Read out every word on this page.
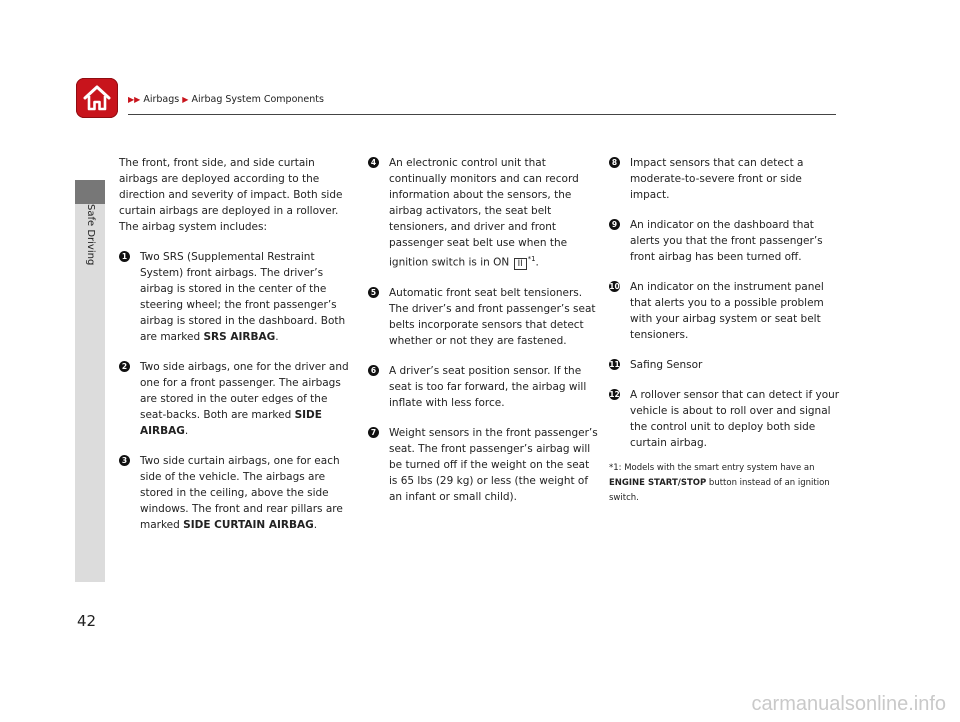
▶▶ Airbags ▶ Airbag System Components
Safe Driving
42

The front, front side, and side curtain airbags are deployed according to the direction and severity of impact. Both side curtain airbags are deployed in a rollover. The airbag system includes:

1 Two SRS (Supplemental Restraint System) front airbags. The driver’s airbag is stored in the center of the steering wheel; the front passenger’s airbag is stored in the dashboard. Both are marked SRS AIRBAG.
2 Two side airbags, one for the driver and one for a front passenger. The airbags are stored in the outer edges of the seat-backs. Both are marked SIDE AIRBAG.
3 Two side curtain airbags, one for each side of the vehicle. The airbags are stored in the ceiling, above the side windows. The front and rear pillars are marked SIDE CURTAIN AIRBAG.
4 An electronic control unit that continually monitors and can record information about the sensors, the airbag activators, the seat belt tensioners, and driver and front passenger seat belt use when the ignition switch is in ON II $^{*1}$.
5 Automatic front seat belt tensioners. The driver’s and front passenger’s seat belts incorporate sensors that detect whether or not they are fastened.
6 A driver’s seat position sensor. If the seat is too far forward, the airbag will inflate with less force.
7 Weight sensors in the front passenger’s seat. The front passenger’s airbag will be turned off if the weight on the seat is 65 lbs (29 kg) or less (the weight of an infant or small child).
8 Impact sensors that can detect a moderate-to-severe front or side impact.
9 An indicator on the dashboard that alerts you that the front passenger’s front airbag has been turned off.
10 An indicator on the instrument panel that alerts you to a possible problem with your airbag system or seat belt tensioners.
11 Safing Sensor
12 A rollover sensor that can detect if your vehicle is about to roll over and signal the control unit to deploy both side curtain airbag.
*1: Models with the smart entry system have an ENGINE START/STOP button instead of an ignition switch.
carmanualsonline.info
